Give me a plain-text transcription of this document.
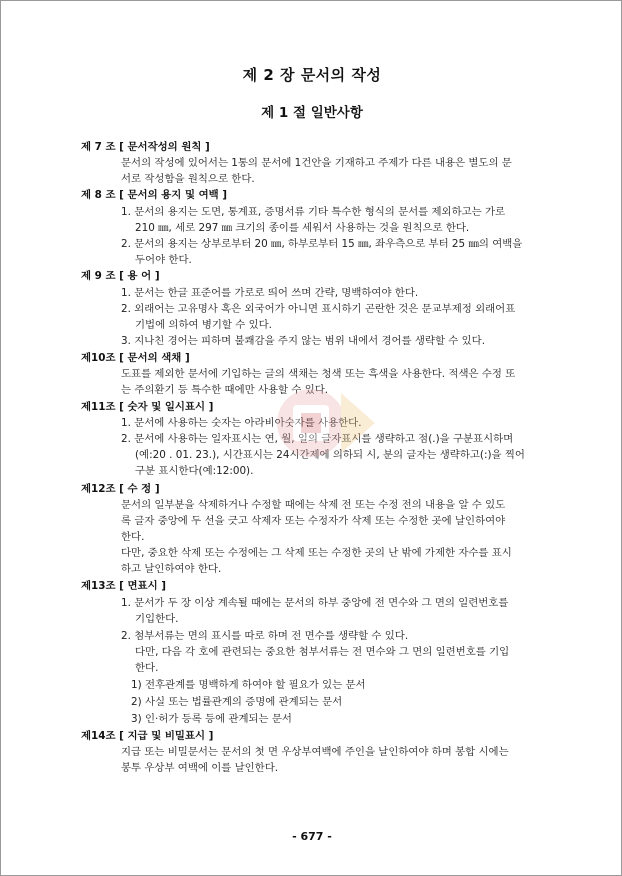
제 2 장 문서의 작성
제 1 절 일반사항
제 7 조 [ 문서작성의 원칙 ]
문서의 작성에 있어서는 1통의 문서에 1건안을 기재하고 주제가 다른 내용은 별도의 문
서로 작성함을 원칙으로 한다.
제 8 조 [ 문서의 용지 및 여백 ]
1. 문서의 용지는 도면, 통계표, 증명서류 기타 특수한 형식의 문서를 제외하고는 가로
210 ㎜, 세로 297 ㎜ 크기의 종이를 세워서 사용하는 것을 원칙으로 한다.
2. 문서의 용지는 상부로부터 20 ㎜, 하부로부터 15 ㎜, 좌우측으로 부터 25 ㎜의 여백을
두어야 한다.
제 9 조 [ 용 어 ]
1. 문서는 한글 표준어를 가로로 띄어 쓰며 간략, 명백하여야 한다.
2. 외래어는 고유명사 혹은 외국어가 아니면 표시하기 곤란한 것은 문교부제정 외래어표
기법에 의하여 병기할 수 있다.
3. 지나친 경어는 피하며 불쾌감을 주지 않는 범위 내에서 경어를 생략할 수 있다.
제10조 [ 문서의 색채 ]
도표를 제외한 문서에 기입하는 글의 색채는 청색 또는 흑색을 사용한다. 적색은 수정 또
는 주의환기 등 특수한 때에만 사용할 수 있다.
제11조 [ 숫자 및 일시표시 ]
1. 문서에 사용하는 숫자는 아라비아숫자를 사용한다.
2. 문서에 사용하는 일자표시는 연, 월, 일의 글자표시를 생략하고 점(.)을 구분표시하며
(예:20 . 01. 23.), 시간표시는 24시간제에 의하되 시, 분의 글자는 생략하고(:)을 찍어
구분 표시한다(예:12:00).
제12조 [ 수 정 ]
문서의 일부분을 삭제하거나 수정할 때에는 삭제 전 또는 수정 전의 내용을 알 수 있도
록 글자 중앙에 두 선을 긋고 삭제자 또는 수정자가 삭제 또는 수정한 곳에 날인하여야
한다.
다만, 중요한 삭제 또는 수정에는 그 삭제 또는 수정한 곳의 난 밖에 가제한 자수를 표시
하고 날인하여야 한다.
제13조 [ 면표시 ]
1. 문서가 두 장 이상 계속될 때에는 문서의 하부 중앙에 전 면수와 그 면의 일련번호를
기입한다.
2. 첨부서류는 면의 표시를 따로 하며 전 면수를 생략할 수 있다.
다만, 다음 각 호에 관련되는 중요한 첨부서류는 전 면수와 그 면의 일련번호를 기입
한다.
1) 전후관계를 명백하게 하여야 할 필요가 있는 문서
2) 사실 또는 법률관계의 증명에 관계되는 문서
3) 인·허가 등록 등에 관계되는 문서
제14조 [ 지급 및 비밀표시 ]
지급 또는 비밀문서는 문서의 첫 면 우상부여백에 주인을 날인하여야 하며 봉합 시에는
봉투 우상부 여백에 이를 날인한다.
- 677 -
